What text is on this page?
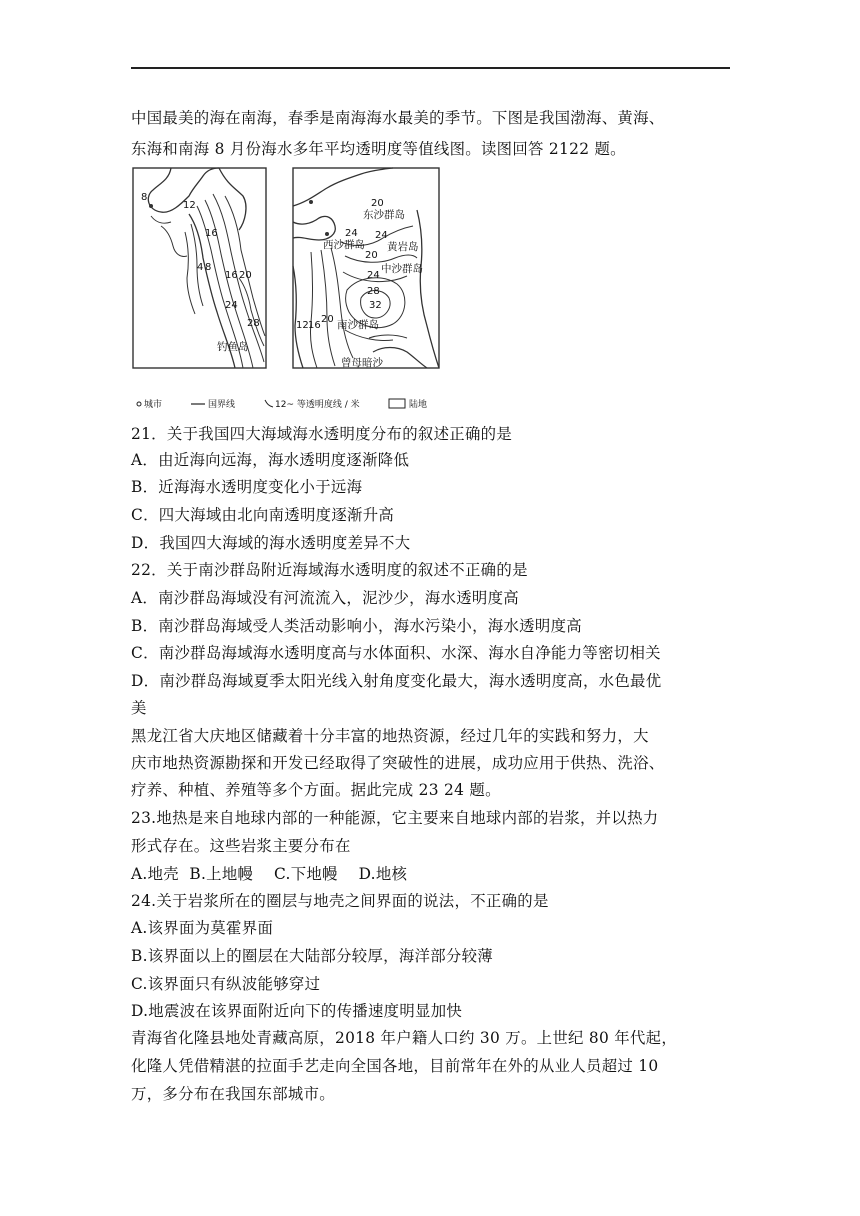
中国最美的海在南海，春季是南海海水最美的季节。下图是我国渤海、黄海、
东海和南海 8 月份海水多年平均透明度等值线图。读图回答 2122 题。
8
12
16
4 8
16 20
24
28
钓鱼岛
20
东沙群岛
24
西沙群岛
24
黄岩岛
20
中沙群岛
24
28
32
12 16
20 南沙群岛
曾母暗沙
城市	国界线	12~ 等透明度线 / 米	陆地
21．关于我国四大海域海水透明度分布的叙述正确的是
A．由近海向远海，海水透明度逐渐降低
B．近海海水透明度变化小于远海
C．四大海域由北向南透明度逐渐升高
D．我国四大海域的海水透明度差异不大
22．关于南沙群岛附近海域海水透明度的叙述不正确的是
A．南沙群岛海域没有河流流入，泥沙少，海水透明度高
B．南沙群岛海域受人类活动影响小，海水污染小，海水透明度高
C．南沙群岛海域海水透明度高与水体面积、水深、海水自净能力等密切相关
D．南沙群岛海域夏季太阳光线入射角度变化最大，海水透明度高，水色最优
美
黑龙江省大庆地区储藏着十分丰富的地热资源，经过几年的实践和努力，大
庆市地热资源勘探和开发已经取得了突破性的进展，成功应用于供热、洗浴、
疗养、种植、养殖等多个方面。据此完成 23 24 题。
23.地热是来自地球内部的一种能源，它主要来自地球内部的岩浆，并以热力
形式存在。这些岩浆主要分布在
A.地壳  B.上地幔    C.下地幔    D.地核
24.关于岩浆所在的圈层与地壳之间界面的说法，不正确的是
A.该界面为莫霍界面
B.该界面以上的圈层在大陆部分较厚，海洋部分较薄
C.该界面只有纵波能够穿过
D.地震波在该界面附近向下的传播速度明显加快
青海省化隆县地处青藏高原，2018 年户籍人口约 30 万。上世纪 80 年代起，
化隆人凭借精湛的拉面手艺走向全国各地，目前常年在外的从业人员超过 10
万，多分布在我国东部城市。
